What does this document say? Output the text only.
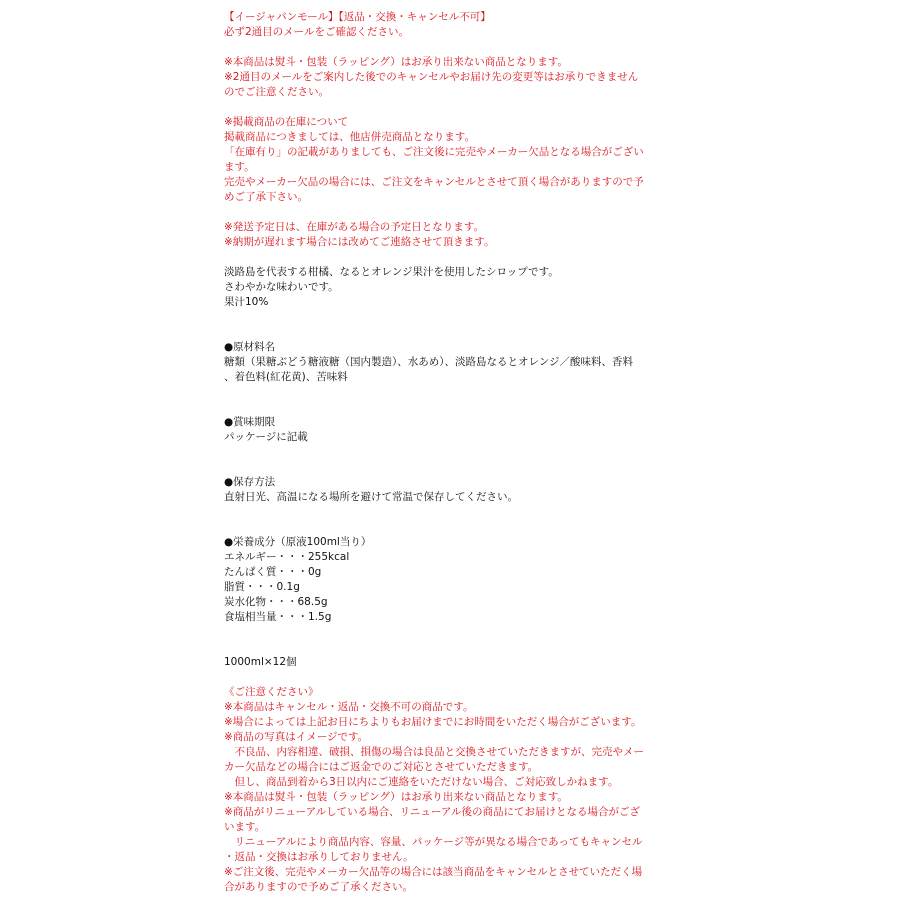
【イージャパンモール】【返品・交換・キャンセル不可】
必ず2通目のメールをご確認ください。
※本商品は熨斗・包装（ラッピング）はお承り出来ない商品となります。
※2通目のメールをご案内した後でのキャンセルやお届け先の変更等はお承りできません
のでご注意ください。
※掲載商品の在庫について
掲載商品につきましては、他店併売商品となります。
「在庫有り」の記載がありましても、ご注文後に完売やメーカー欠品となる場合がござい
ます。
完売やメーカー欠品の場合には、ご注文をキャンセルとさせて頂く場合がありますので予
めご了承下さい。
※発送予定日は、在庫がある場合の予定日となります。
※納期が遅れます場合には改めてご連絡させて頂きます。
淡路島を代表する柑橘、なるとオレンジ果汁を使用したシロップです。
さわやかな味わいです。
果汁10%
●原材料名
糖類（果糖ぶどう糖液糖（国内製造）、水あめ）、淡路島なるとオレンジ／酸味料、香料
、着色料(紅花黄)、苦味料
●賞味期限
パッケージに記載
●保存方法
直射日光、高温になる場所を避けて常温で保存してください。
●栄養成分（原液100ml当り）
エネルギー・・・255kcal
たんぱく質・・・0g
脂質・・・0.1g
炭水化物・・・68.5g
食塩相当量・・・1.5g
1000ml×12個
《ご注意ください》
※本商品はキャンセル・返品・交換不可の商品です。
※場合によっては上記お日にちよりもお届けまでにお時間をいただく場合がございます。
※商品の写真はイメージです。
　不良品、内容相違、破損、損傷の場合は良品と交換させていただきますが、完売やメー
カー欠品などの場合にはご返金でのご対応とさせていただきます。
　但し、商品到着から3日以内にご連絡をいただけない場合、ご対応致しかねます。
※本商品は熨斗・包装（ラッピング）はお承り出来ない商品となります。
※商品がリニューアルしている場合、リニューアル後の商品にてお届けとなる場合がござ
います。
　リニューアルにより商品内容、容量、パッケージ等が異なる場合であってもキャンセル
・返品・交換はお承りしておりません。
※ご注文後、完売やメーカー欠品等の場合には該当商品をキャンセルとさせていただく場
合がありますので予めご了承ください。
